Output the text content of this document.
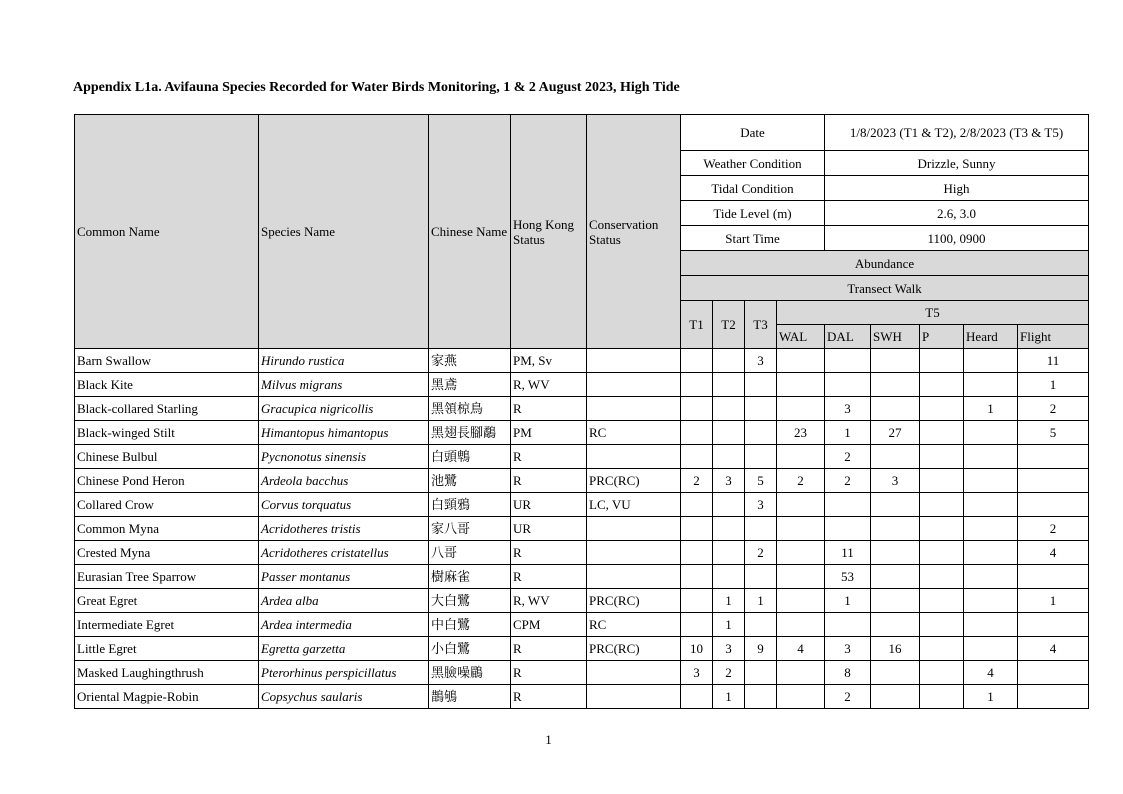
Appendix L1a. Avifauna Species Recorded for Water Birds Monitoring, 1 & 2 August 2023, High Tide
Common Name	Species Name	Chinese Name	Hong Kong Status	Conservation Status	Date				1/8/2023 (T1 & T2), 2/8/2023 (T3 & T5)				
					Weather Condition				Drizzle, Sunny				
					Tidal Condition				High				
					Tide Level (m)				2.6, 3.0				
					Start Time				1100, 0900				
					Abundance								
					Transect Walk								
					T1	T2	T3	T5					
								WAL	DAL	SWH	P	Heard	Flight
Barn Swallow	Hirundo rustica	家燕	PM, Sv				3						11
Black Kite	Milvus migrans	黑鳶	R, WV										1
Black-collared Starling	Gracupica nigricollis	黑領椋鳥	R						3			1	2
Black-winged Stilt	Himantopus himantopus	黑翅長腳鷸	PM	RC				23	1	27			5
Chinese Bulbul	Pycnonotus sinensis	白頭鵯	R						2				
Chinese Pond Heron	Ardeola bacchus	池鷺	R	PRC(RC)	2	3	5	2	2	3			
Collared Crow	Corvus torquatus	白頸鴉	UR	LC, VU			3						
Common Myna	Acridotheres tristis	家八哥	UR										2
Crested Myna	Acridotheres cristatellus	八哥	R				2		11				4
Eurasian Tree Sparrow	Passer montanus	樹麻雀	R						53				
Great Egret	Ardea alba	大白鷺	R, WV	PRC(RC)		1	1		1				1
Intermediate Egret	Ardea intermedia	中白鷺	CPM	RC		1							
Little Egret	Egretta garzetta	小白鷺	R	PRC(RC)	10	3	9	4	3	16			4
Masked Laughingthrush	Pterorhinus perspicillatus	黑臉噪鶥	R		3	2			8			4	
Oriental Magpie-Robin	Copsychus saularis	鵲鴝	R			1			2			1	
1
